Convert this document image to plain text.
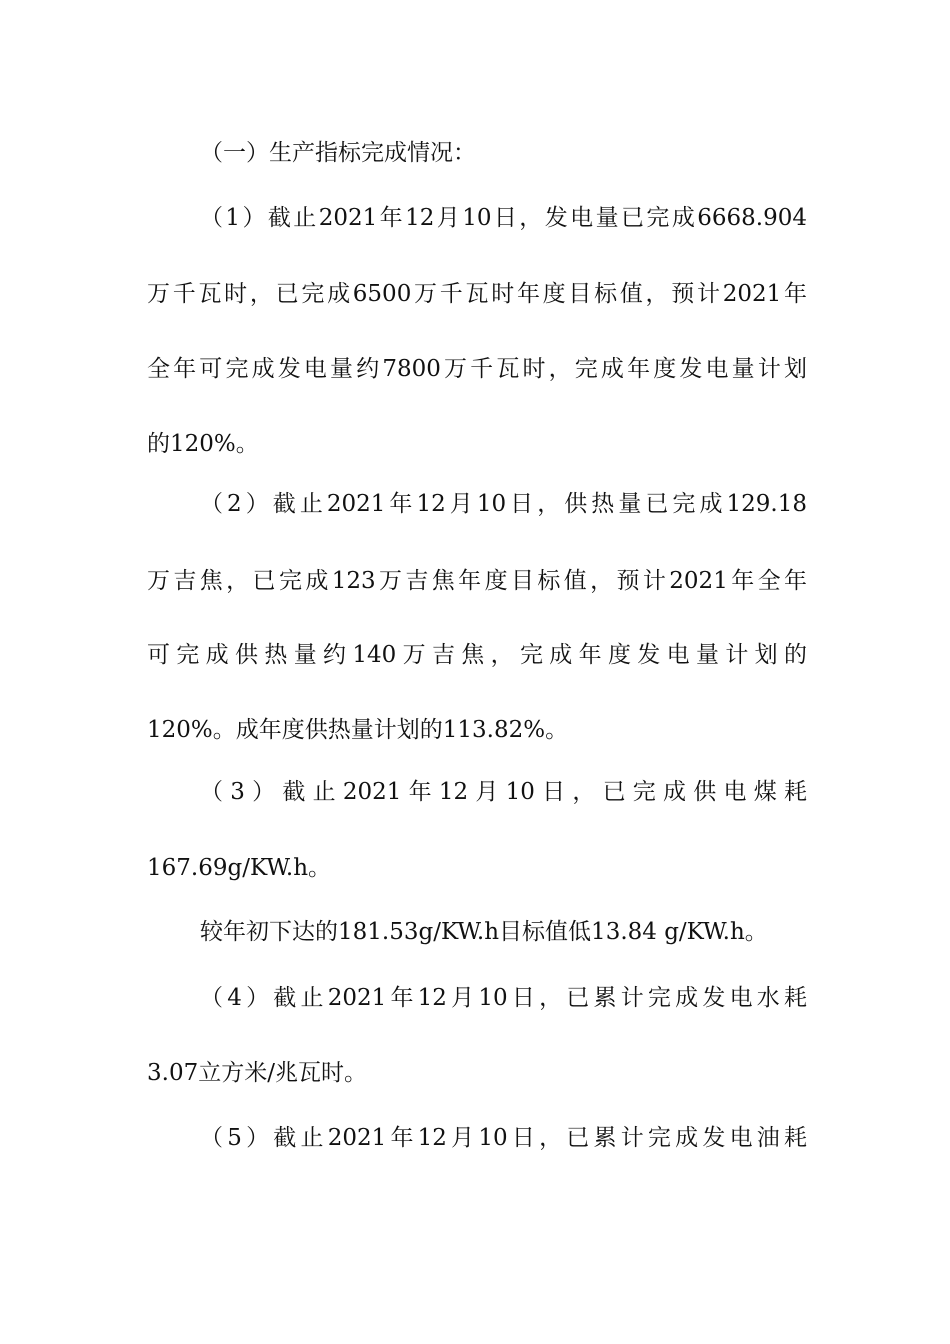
（一）生产指标完成情况：
（1）截止2021年12月10日，发电量已完成6668.904
万千瓦时，已完成6500万千瓦时年度目标值，预计2021年
全年可完成发电量约7800万千瓦时，完成年度发电量计划
的120%。
（2）截止2021年12月10日，供热量已完成129.18
万吉焦，已完成123万吉焦年度目标值，预计2021年全年
可完成供热量约140万吉焦，完成年度发电量计划的
120%。成年度供热量计划的113.82%。
（3）截止2021年12月10日，已完成供电煤耗
167.69g/KW.h。
较年初下达的181.53g/KW.h目标值低13.84 g/KW.h。
（4）截止2021年12月10日，已累计完成发电水耗
3.07立方米/兆瓦时。
（5）截止2021年12月10日，已累计完成发电油耗
